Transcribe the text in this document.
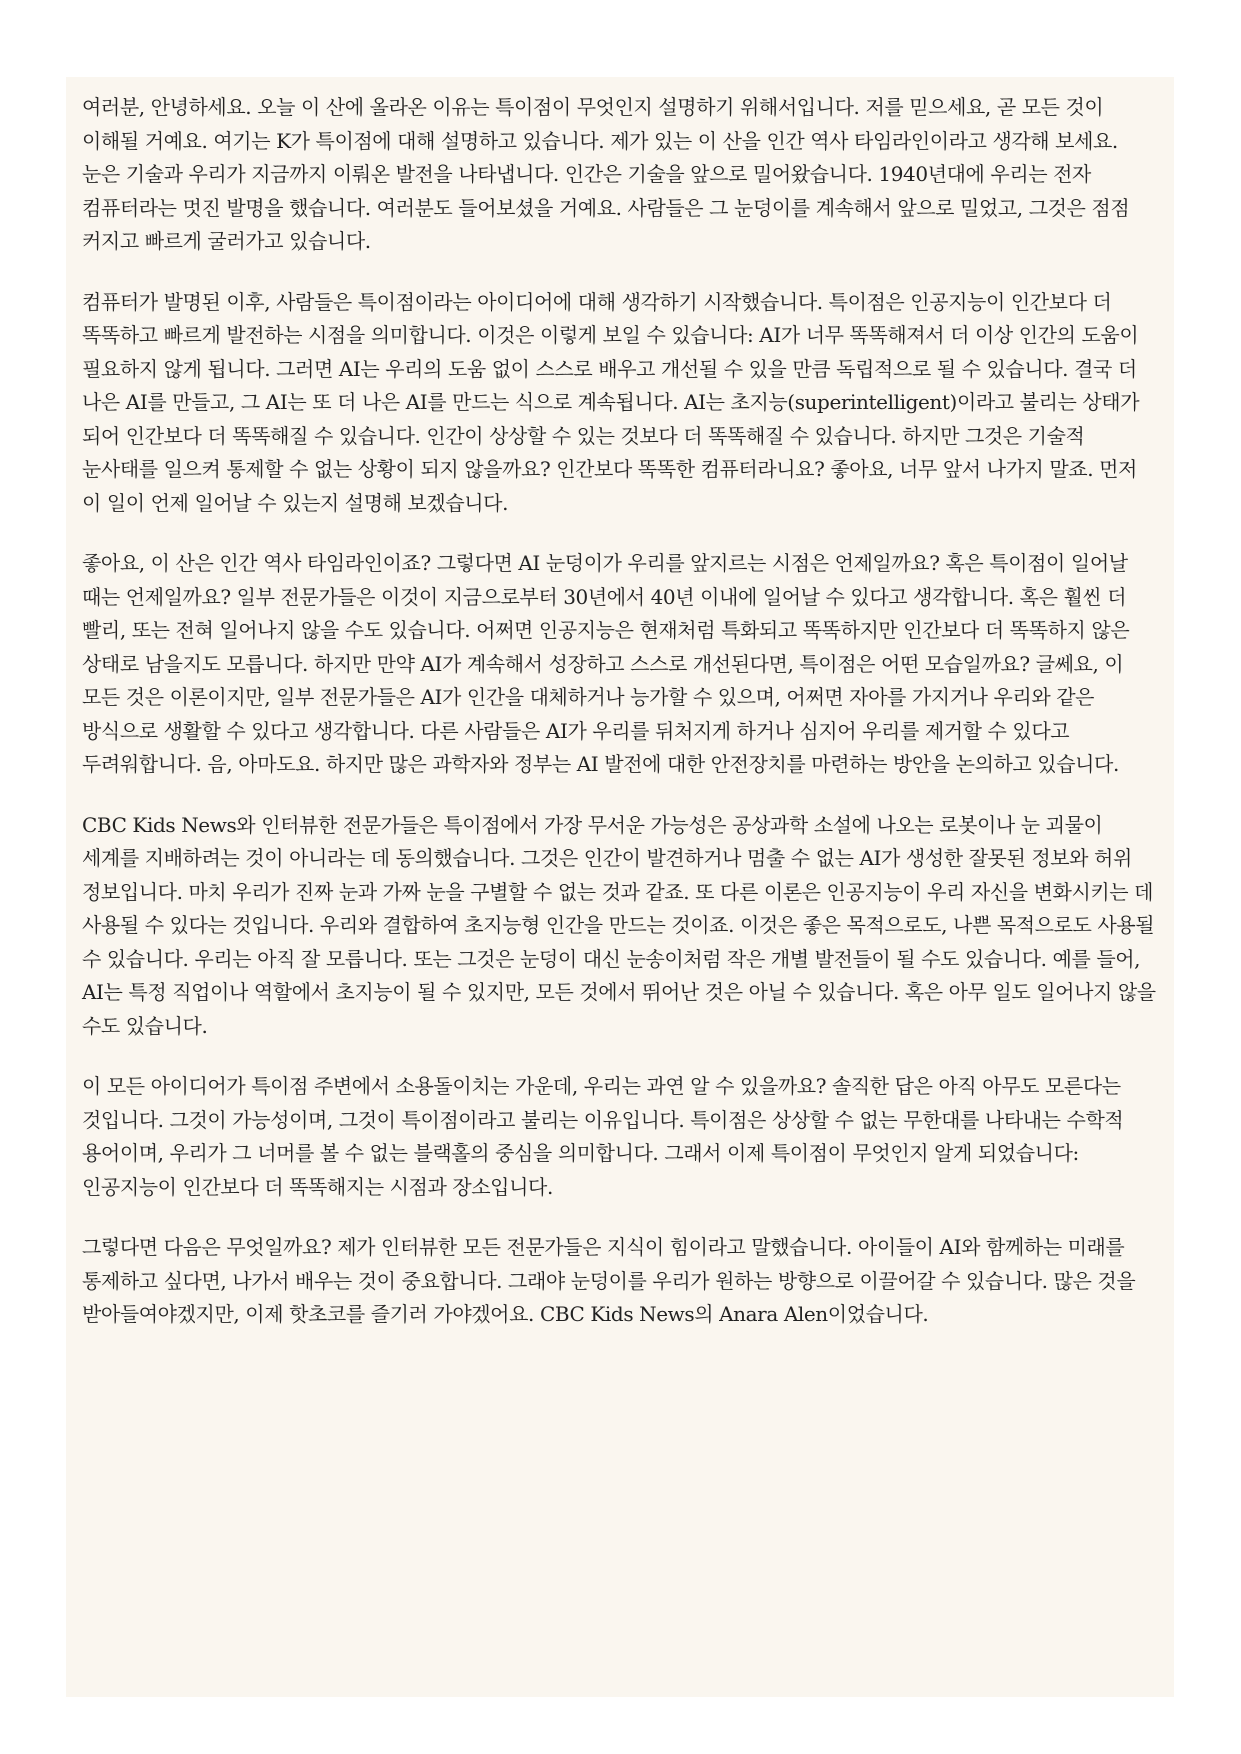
여러분, 안녕하세요. 오늘 이 산에 올라온 이유는 특이점이 무엇인지 설명하기 위해서입니다. 저를 믿으세요, 곧 모든 것이 이해될 거예요. 여기는 K가 특이점에 대해 설명하고 있습니다. 제가 있는 이 산을 인간 역사 타임라인이라고 생각해 보세요. 눈은 기술과 우리가 지금까지 이뤄온 발전을 나타냅니다. 인간은 기술을 앞으로 밀어왔습니다. 1940년대에 우리는 전자 컴퓨터라는 멋진 발명을 했습니다. 여러분도 들어보셨을 거예요. 사람들은 그 눈덩이를 계속해서 앞으로 밀었고, 그것은 점점 커지고 빠르게 굴러가고 있습니다.

컴퓨터가 발명된 이후, 사람들은 특이점이라는 아이디어에 대해 생각하기 시작했습니다. 특이점은 인공지능이 인간보다 더 똑똑하고 빠르게 발전하는 시점을 의미합니다. 이것은 이렇게 보일 수 있습니다: AI가 너무 똑똑해져서 더 이상 인간의 도움이 필요하지 않게 됩니다. 그러면 AI는 우리의 도움 없이 스스로 배우고 개선될 수 있을 만큼 독립적으로 될 수 있습니다. 결국 더 나은 AI를 만들고, 그 AI는 또 더 나은 AI를 만드는 식으로 계속됩니다. AI는 초지능(superintelligent)이라고 불리는 상태가 되어 인간보다 더 똑똑해질 수 있습니다. 인간이 상상할 수 있는 것보다 더 똑똑해질 수 있습니다. 하지만 그것은 기술적 눈사태를 일으켜 통제할 수 없는 상황이 되지 않을까요? 인간보다 똑똑한 컴퓨터라니요? 좋아요, 너무 앞서 나가지 말죠. 먼저 이 일이 언제 일어날 수 있는지 설명해 보겠습니다.

좋아요, 이 산은 인간 역사 타임라인이죠? 그렇다면 AI 눈덩이가 우리를 앞지르는 시점은 언제일까요? 혹은 특이점이 일어날 때는 언제일까요? 일부 전문가들은 이것이 지금으로부터 30년에서 40년 이내에 일어날 수 있다고 생각합니다. 혹은 훨씬 더 빨리, 또는 전혀 일어나지 않을 수도 있습니다. 어쩌면 인공지능은 현재처럼 특화되고 똑똑하지만 인간보다 더 똑똑하지 않은 상태로 남을지도 모릅니다. 하지만 만약 AI가 계속해서 성장하고 스스로 개선된다면, 특이점은 어떤 모습일까요? 글쎄요, 이 모든 것은 이론이지만, 일부 전문가들은 AI가 인간을 대체하거나 능가할 수 있으며, 어쩌면 자아를 가지거나 우리와 같은 방식으로 생활할 수 있다고 생각합니다. 다른 사람들은 AI가 우리를 뒤처지게 하거나 심지어 우리를 제거할 수 있다고 두려워합니다. 음, 아마도요. 하지만 많은 과학자와 정부는 AI 발전에 대한 안전장치를 마련하는 방안을 논의하고 있습니다.

CBC Kids News와 인터뷰한 전문가들은 특이점에서 가장 무서운 가능성은 공상과학 소설에 나오는 로봇이나 눈 괴물이 세계를 지배하려는 것이 아니라는 데 동의했습니다. 그것은 인간이 발견하거나 멈출 수 없는 AI가 생성한 잘못된 정보와 허위 정보입니다. 마치 우리가 진짜 눈과 가짜 눈을 구별할 수 없는 것과 같죠. 또 다른 이론은 인공지능이 우리 자신을 변화시키는 데 사용될 수 있다는 것입니다. 우리와 결합하여 초지능형 인간을 만드는 것이죠. 이것은 좋은 목적으로도, 나쁜 목적으로도 사용될 수 있습니다. 우리는 아직 잘 모릅니다. 또는 그것은 눈덩이 대신 눈송이처럼 작은 개별 발전들이 될 수도 있습니다. 예를 들어, AI는 특정 직업이나 역할에서 초지능이 될 수 있지만, 모든 것에서 뛰어난 것은 아닐 수 있습니다. 혹은 아무 일도 일어나지 않을 수도 있습니다.

이 모든 아이디어가 특이점 주변에서 소용돌이치는 가운데, 우리는 과연 알 수 있을까요? 솔직한 답은 아직 아무도 모른다는 것입니다. 그것이 가능성이며, 그것이 특이점이라고 불리는 이유입니다. 특이점은 상상할 수 없는 무한대를 나타내는 수학적 용어이며, 우리가 그 너머를 볼 수 없는 블랙홀의 중심을 의미합니다. 그래서 이제 특이점이 무엇인지 알게 되었습니다: 인공지능이 인간보다 더 똑똑해지는 시점과 장소입니다.

그렇다면 다음은 무엇일까요? 제가 인터뷰한 모든 전문가들은 지식이 힘이라고 말했습니다. 아이들이 AI와 함께하는 미래를 통제하고 싶다면, 나가서 배우는 것이 중요합니다. 그래야 눈덩이를 우리가 원하는 방향으로 이끌어갈 수 있습니다. 많은 것을 받아들여야겠지만, 이제 핫초코를 즐기러 가야겠어요. CBC Kids News의 Anara Alen이었습니다.
